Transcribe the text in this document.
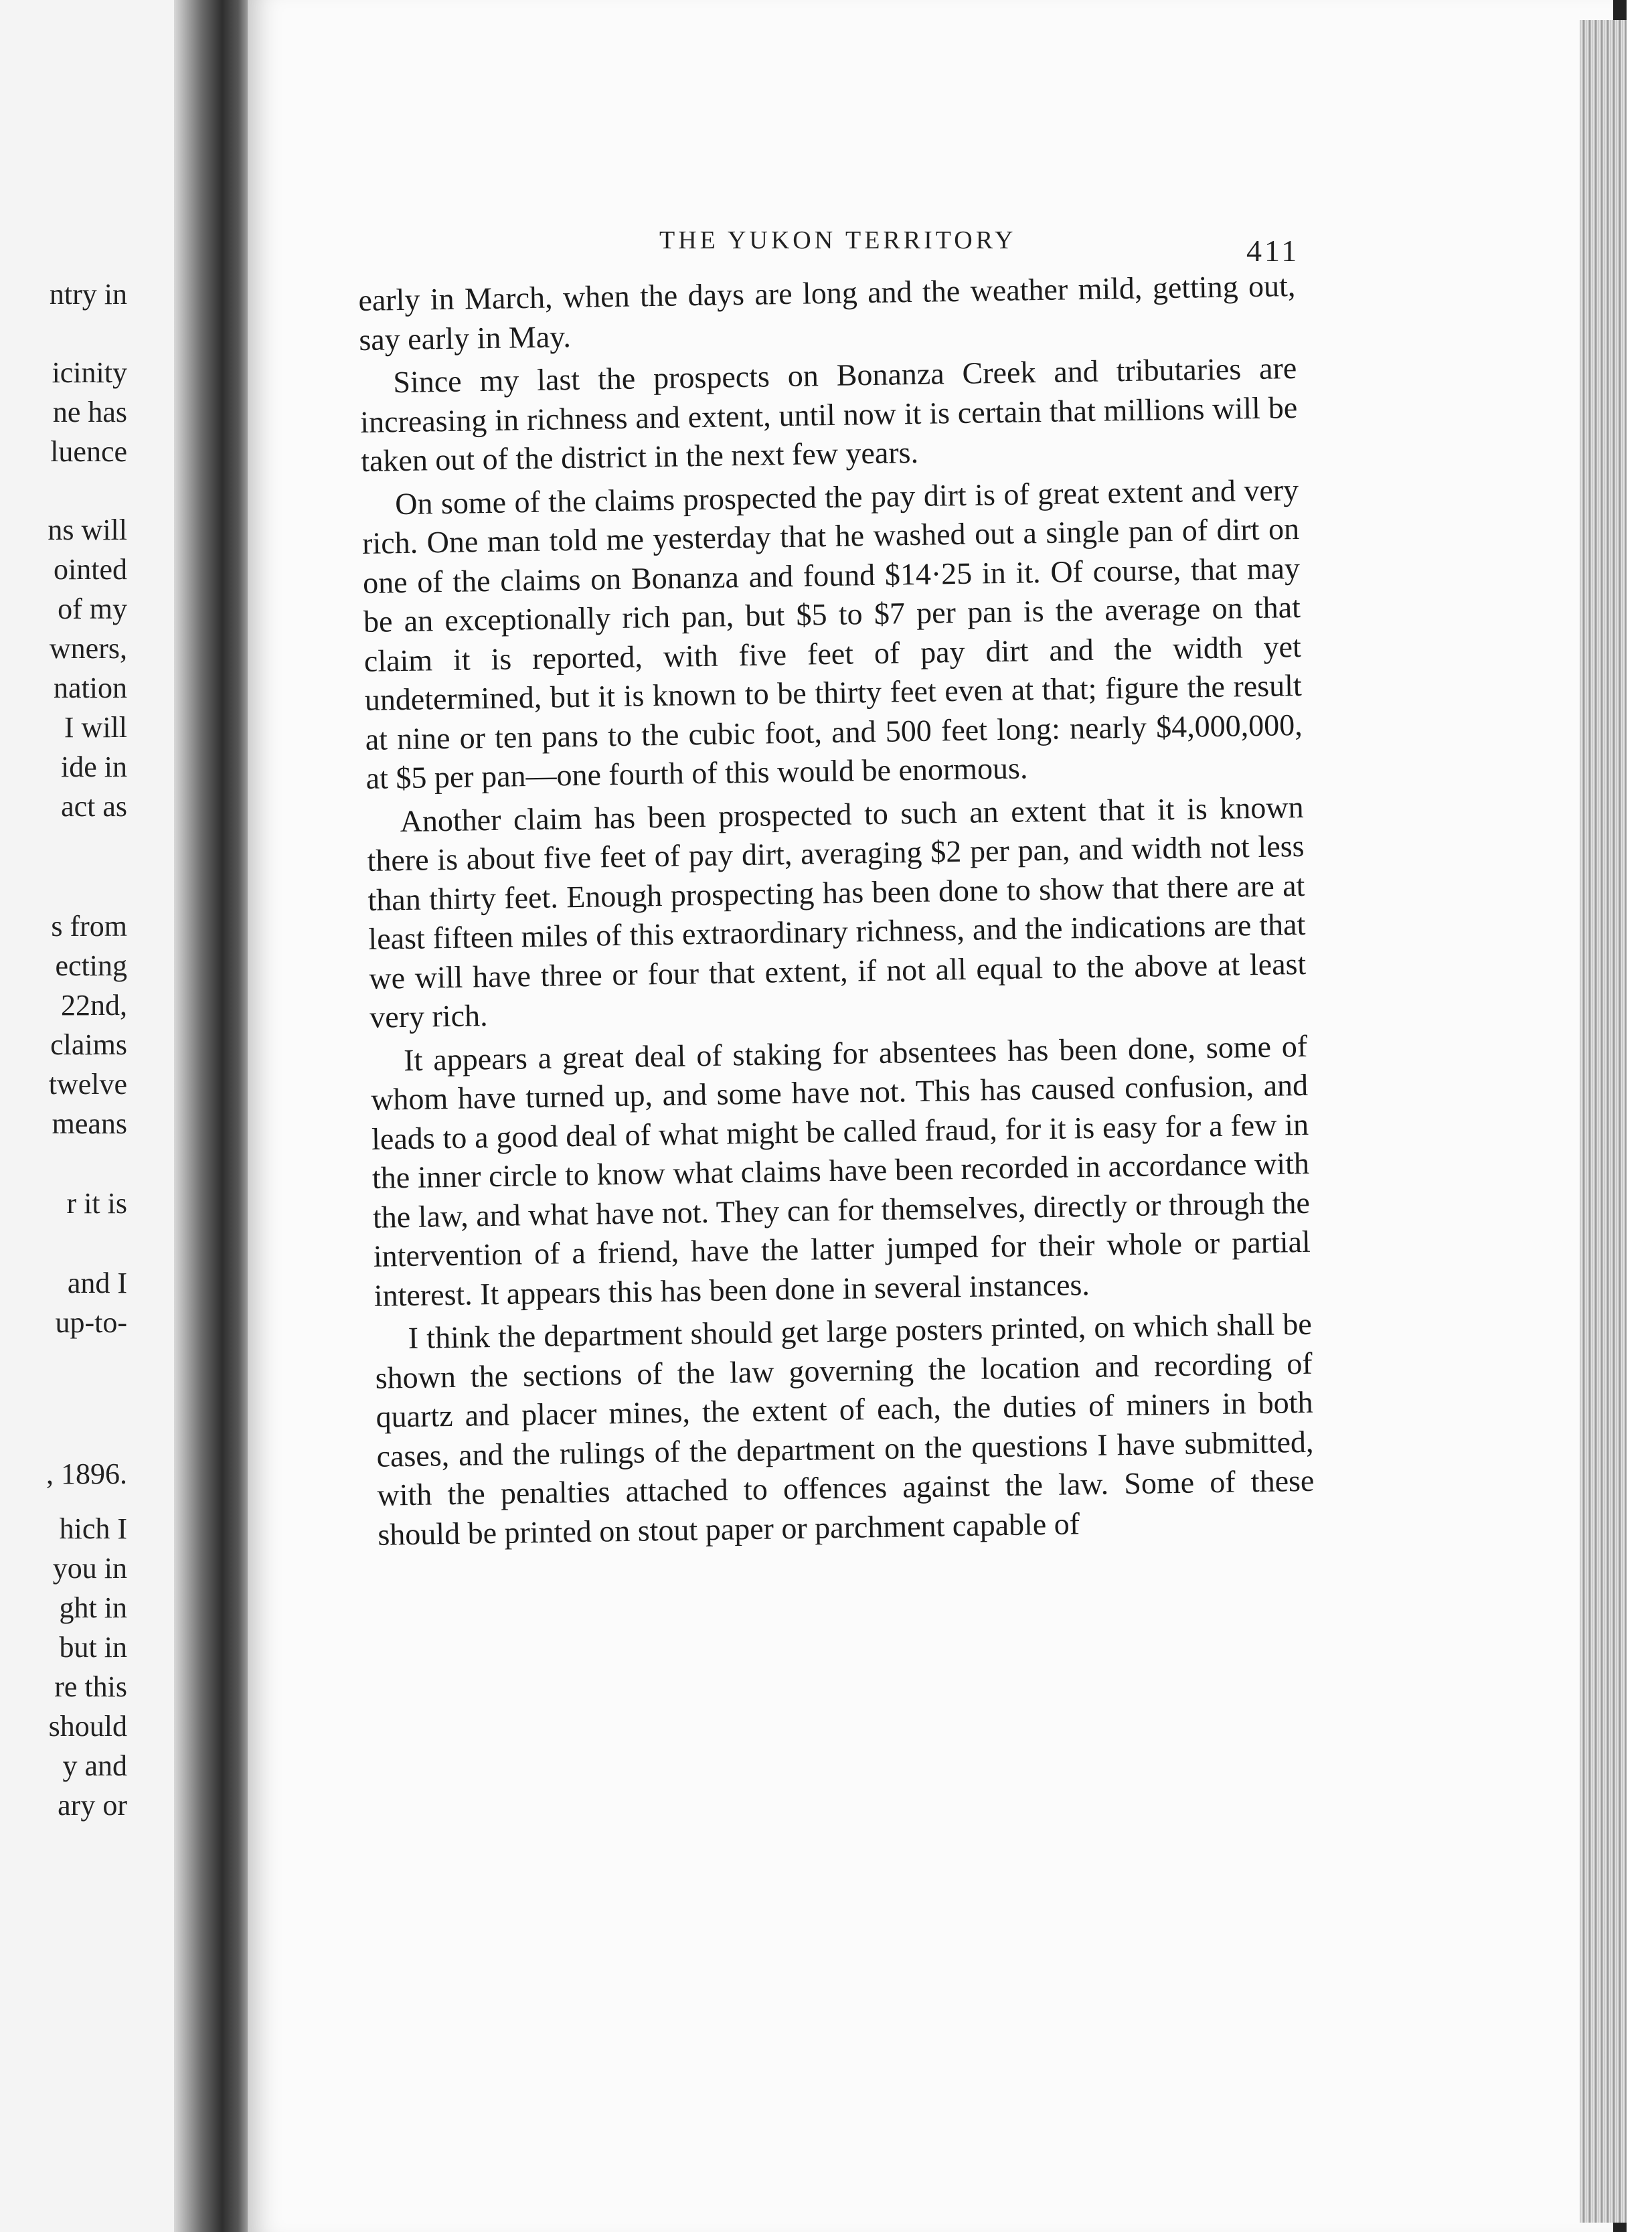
ntry in

icinity

ne has

luence

ns will

ointed

of my

wners,

nation

I will

ide in

act as

s from

ecting

22nd,

claims

twelve

means

r it is

and I

up-to-

, 1896.

hich I

you in

ght in

but in

re this

should

y and

ary or

THE YUKON TERRITORY	411

early in March, when the days are long and the weather mild, getting out, say early in May.

Since my last the prospects on Bonanza Creek and tributaries are increasing in richness and extent, until now it is certain that millions will be taken out of the district in the next few years.

On some of the claims prospected the pay dirt is of great extent and very rich. One man told me yesterday that he washed out a single pan of dirt on one of the claims on Bonanza and found $14·25 in it. Of course, that may be an exceptionally rich pan, but $5 to $7 per pan is the average on that claim it is reported, with five feet of pay dirt and the width yet undetermined, but it is known to be thirty feet even at that; figure the result at nine or ten pans to the cubic foot, and 500 feet long: nearly $4,000,000, at $5 per pan—one fourth of this would be enormous.

Another claim has been prospected to such an extent that it is known there is about five feet of pay dirt, averaging $2 per pan, and width not less than thirty feet. Enough prospecting has been done to show that there are at least fifteen miles of this extraordinary richness, and the indications are that we will have three or four that extent, if not all equal to the above at least very rich.

It appears a great deal of staking for absentees has been done, some of whom have turned up, and some have not. This has caused confusion, and leads to a good deal of what might be called fraud, for it is easy for a few in the inner circle to know what claims have been recorded in accordance with the law, and what have not. They can for themselves, directly or through the intervention of a friend, have the latter jumped for their whole or partial interest. It appears this has been done in several instances.

I think the department should get large posters printed, on which shall be shown the sections of the law governing the location and recording of quartz and placer mines, the extent of each, the duties of miners in both cases, and the rulings of the department on the questions I have submitted, with the penalties attached to offences against the law. Some of these should be printed on stout paper or parchment capable of
